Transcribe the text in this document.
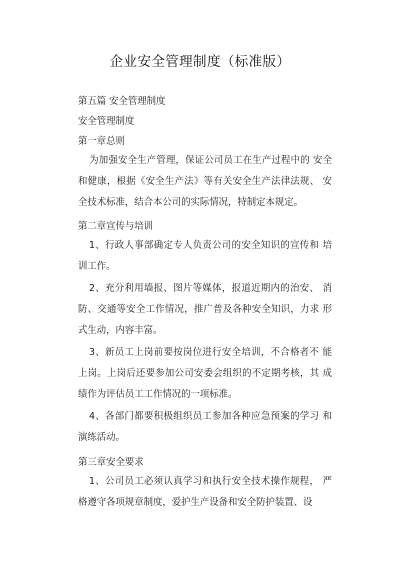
企业安全管理制度（标准版）
第五篇 安全管理制度
安全管理制度
第一章总则
为加强安全生产管理，保证公司员工在生产过程中的 安全和健康，根据《安全生产法》等有关安全生产法律法规、 安全技术标准，结合本公司的实际情况，特制定本规定。
第二章宣传与培训
1、行政人事部确定专人负责公司的安全知识的宣传和 培训工作。
2、充分利用墙报、图片等媒体，报道近期内的治安、 消防、交通等安全工作情况，推广普及各种安全知识，力求 形式生动，内容丰富。
3、新员工上岗前要按岗位进行安全培训，不合格者不 能上岗。上岗后还要参加公司安委会组织的不定期考核，其 成绩作为评估员工工作情况的一项标准。
4、各部门都要积极组织员工参加各种应急预案的学习 和演练活动。
第三章安全要求
1、公司员工必须认真学习和执行安全技术操作规程， 严格遵守各项规章制度，爱护生产设备和安全防护装置、设
